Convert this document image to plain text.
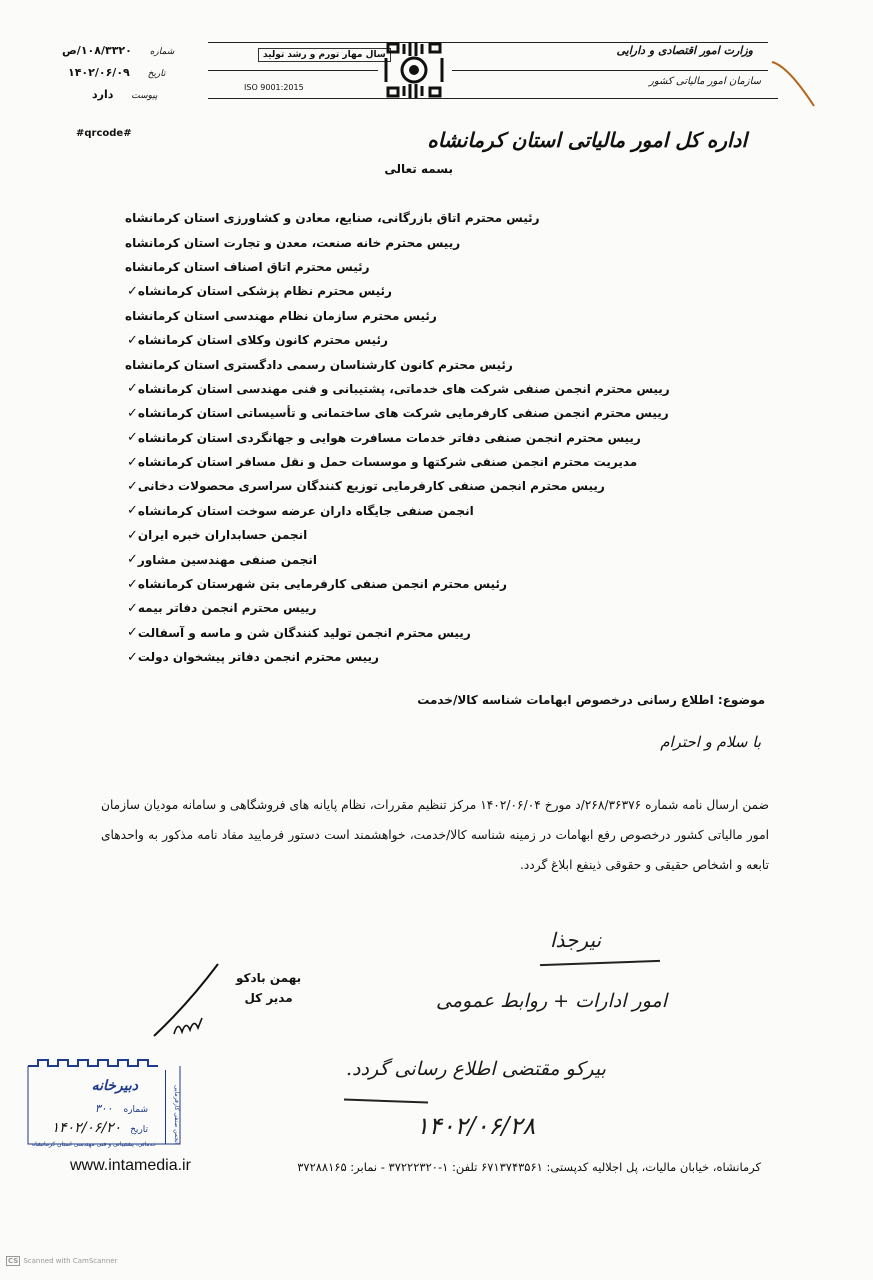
سال مهار تورم و رشد تولید
ISO 9001:2015
وزارت امور اقتصادی و دارایی
سازمان امور مالیاتی کشور
شماره ۱۰۸/۳۳۲۰/ص
تاریخ ۱۴۰۲/۰۶/۰۹
پیوست دارد
#qrcode#	اداره کل امور مالیاتی استان کرمانشاه
بسمه تعالی
رئیس محترم اتاق بازرگانی، صنایع، معادن و کشاورزی استان کرمانشاه
رییس محترم خانه صنعت، معدن و تجارت استان کرمانشاه
رئیس محترم اتاق اصناف استان کرمانشاه
رئیس محترم نظام پزشکی استان کرمانشاه
✓
رئیس محترم سازمان نظام مهندسی استان کرمانشاه
رئیس محترم کانون وکلای استان کرمانشاه
✓
رئیس محترم کانون کارشناسان رسمی دادگستری استان کرمانشاه
رییس محترم انجمن صنفی شرکت های خدماتی، پشتیبانی و فنی مهندسی استان کرمانشاه
✓
رییس محترم انجمن صنفی کارفرمایی شرکت های ساختمانی و تأسیساتی استان کرمانشاه
✓
رییس محترم انجمن صنفی دفاتر خدمات مسافرت هوایی و جهانگردی استان کرمانشاه
✓
مدیریت محترم انجمن صنفی شرکتها و موسسات حمل و نقل مسافر استان کرمانشاه
✓
رییس محترم انجمن صنفی کارفرمایی توزیع کنندگان سراسری محصولات دخانی
✓
انجمن صنفی جایگاه داران عرضه سوخت استان کرمانشاه
✓
انجمن حسابداران خبره ایران
✓
انجمن صنفی مهندسین مشاور
✓
رئیس محترم انجمن صنفی کارفرمایی بتن شهرستان کرمانشاه
✓
رییس محترم انجمن دفاتر بیمه
✓
رییس محترم انجمن تولید کنندگان شن و ماسه و آسفالت
✓
رییس محترم انجمن دفاتر پیشخوان دولت
✓
موضوع: اطلاع رسانی درخصوص ابهامات شناسه کالا/خدمت
با سلام و احترام
ضمن ارسال نامه شماره ۲۶۸/۳۶۳۷۶/د مورخ ۱۴۰۲/۰۶/۰۴ مرکز تنظیم مقررات، نظام پایانه های فروشگاهی و سامانه مودیان سازمان امور مالیاتی کشور درخصوص رفع ابهامات در زمینه شناسه کالا/خدمت، خواهشمند است دستور فرمایید مفاد نامه مذکور به واحدهای تابعه و اشخاص حقیقی و حقوقی ذینفع ابلاغ گردد.
نیرجذا
امور ادارات + روابط عمومی
بیرکو مقتضی اطلاع رسانی گردد.
۱۴۰۲/۰۶/۲۸
بهمن بادکو
مدیر کل
دبیرخانه
شماره ۳۰۰
تاریخ ۱۴۰۲/۰۶/۲۰	انجمن صنفی کارفرمایی
خدماتی، پشتیبانی و فنی مهندسی استان کرمانشاه
کرمانشاه، خیابان مالیات، پل اجلالیه کدپستی: ۶۷۱۳۷۴۳۵۶۱ تلفن: ۱-۳۷۲۲۲۳۲۰ - نمابر: ۳۷۲۸۸۱۶۵
www.intamedia.ir
CS Scanned with CamScanner
